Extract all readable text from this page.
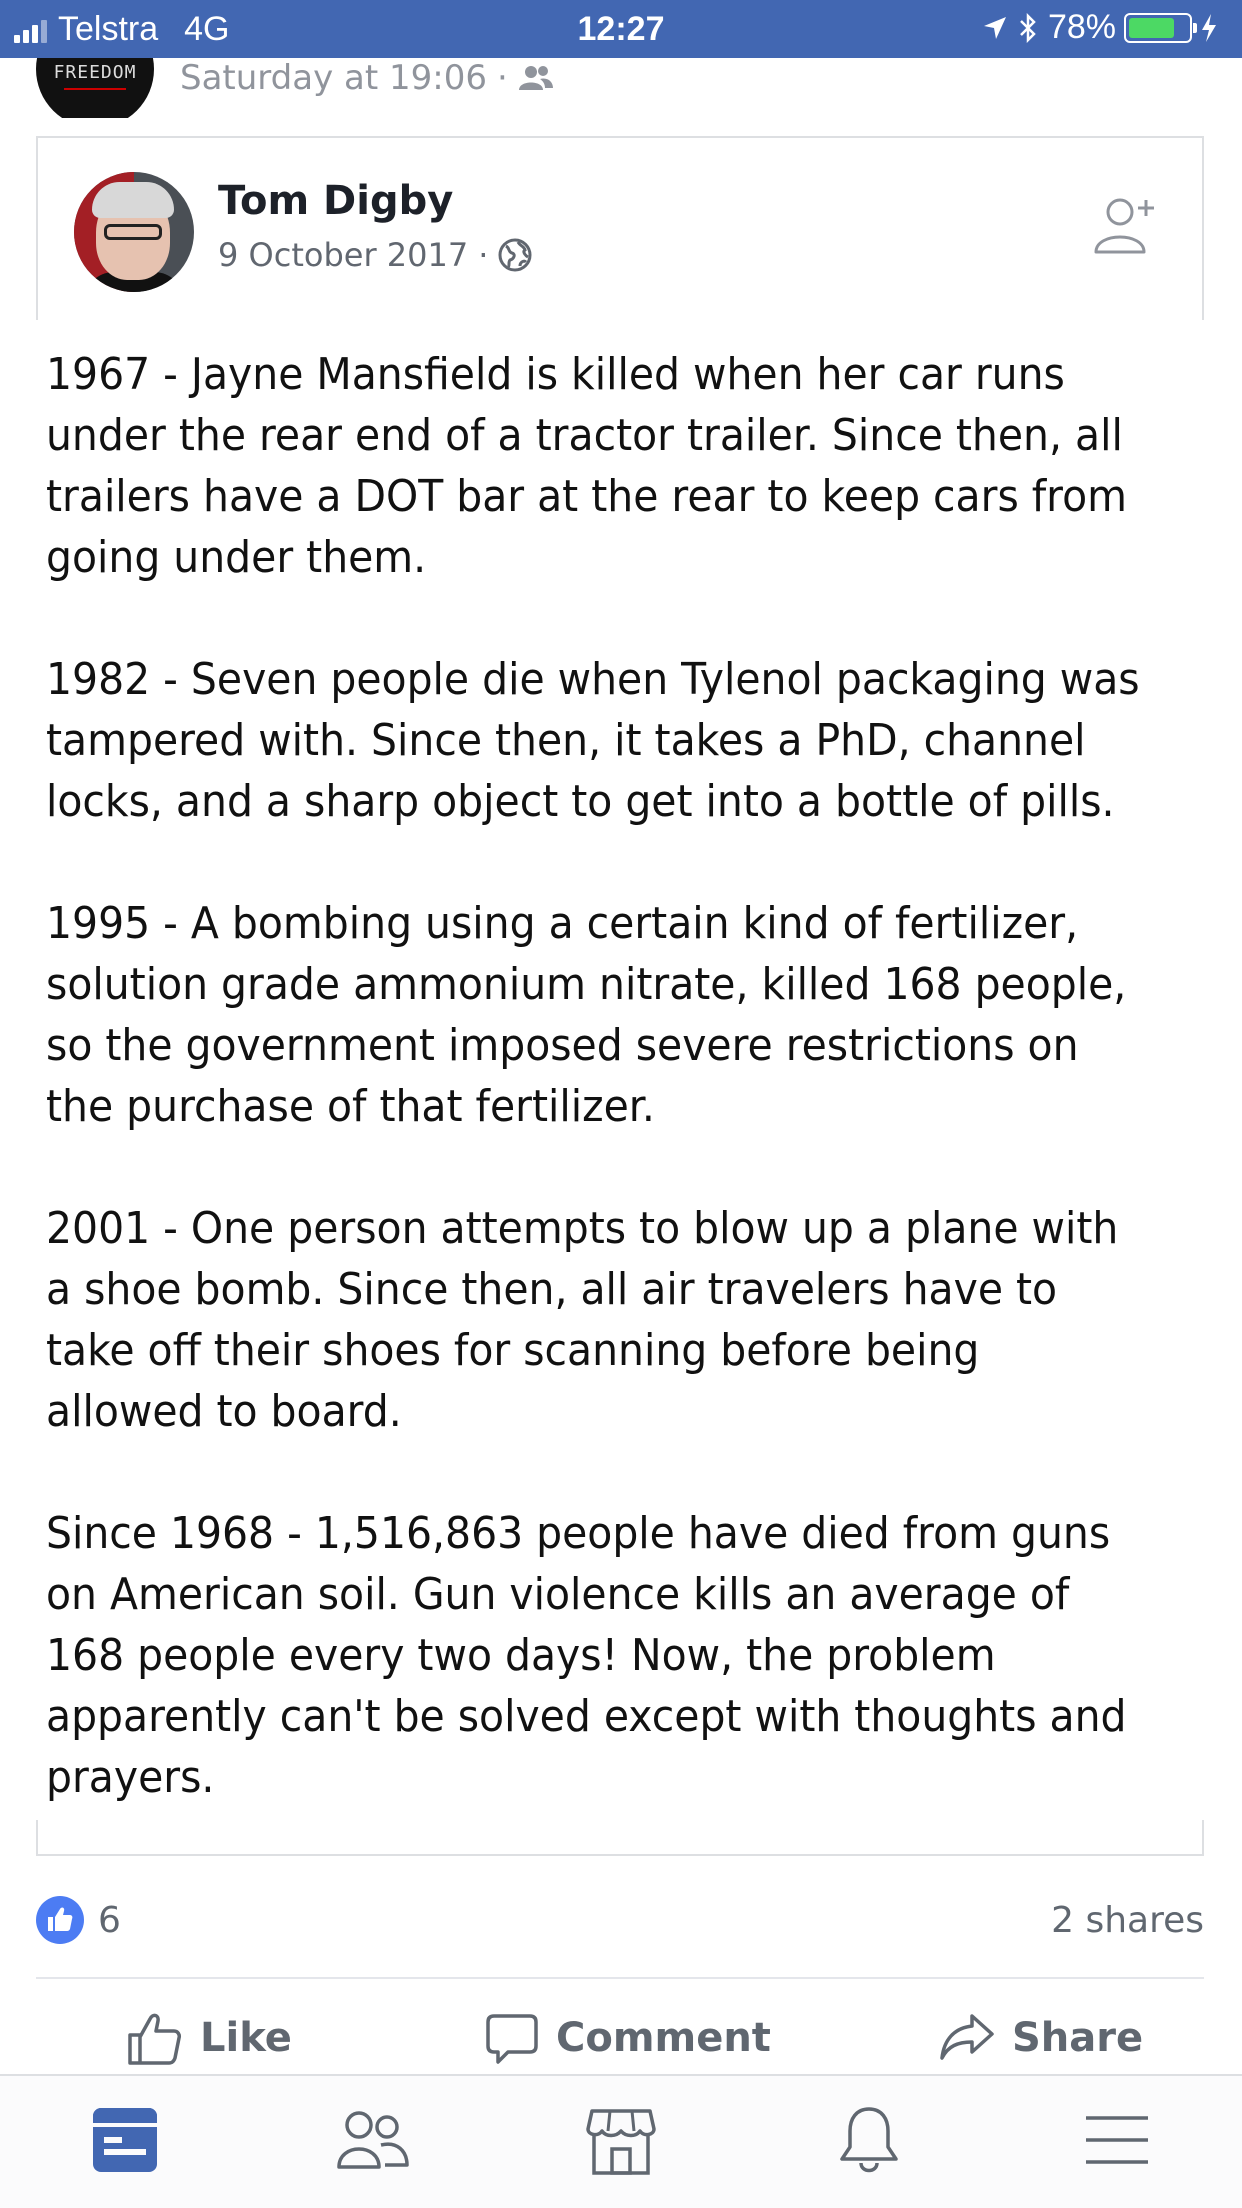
Telstra 4G	12:27	78%
FREEDOM	Saturday at 19:06 ·
Tom Digby
9 October 2017 ·

1967 - Jayne Mansfield is killed when her car runs
under the rear end of a tractor trailer. Since then, all
trailers have a DOT bar at the rear to keep cars from
going under them.

1982 - Seven people die when Tylenol packaging was
tampered with. Since then, it takes a PhD, channel
locks, and a sharp object to get into a bottle of pills.

1995 - A bombing using a certain kind of fertilizer,
solution grade ammonium nitrate, killed 168 people,
so the government imposed severe restrictions on
the purchase of that fertilizer.

2001 - One person attempts to blow up a plane with
a shoe bomb. Since then, all air travelers have to
take off their shoes for scanning before being
allowed to board.

Since 1968 - 1,516,863 people have died from guns
on American soil. Gun violence kills an average of
168 people every two days! Now, the problem
apparently can't be solved except with thoughts and
prayers.

6	2 shares
Like	Comment	Share
